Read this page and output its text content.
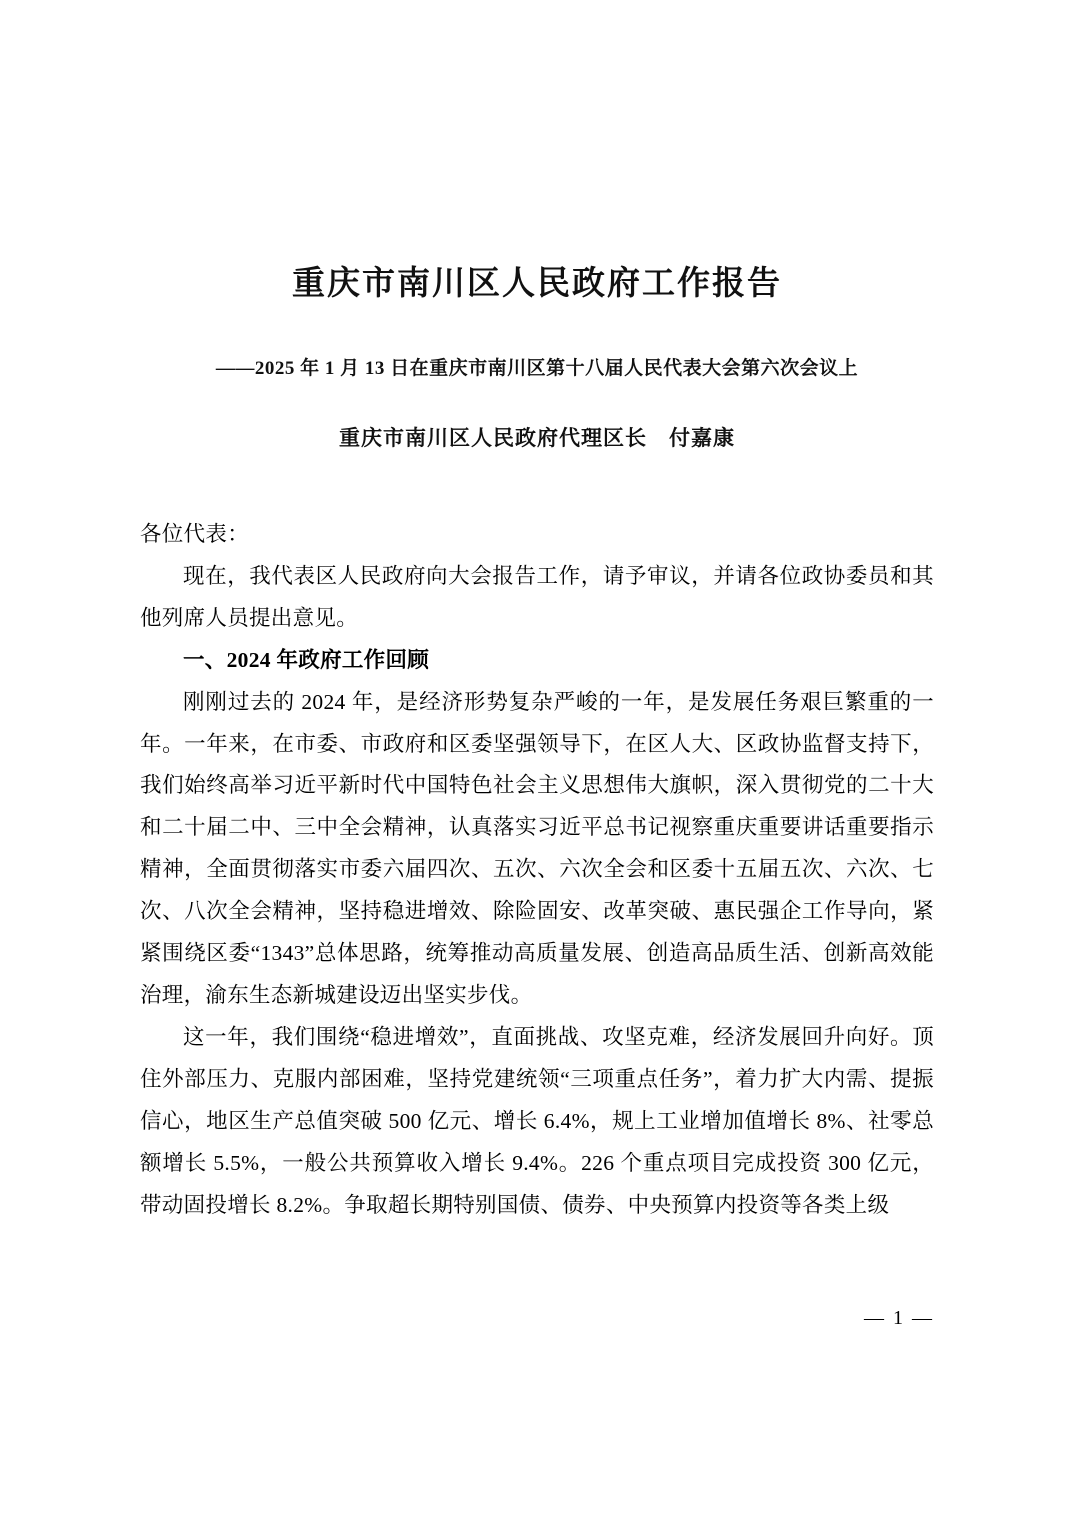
重庆市南川区人民政府工作报告
——2025 年 1 月 13 日在重庆市南川区第十八届人民代表大会第六次会议上
重庆市南川区人民政府代理区长　付嘉康
各位代表：

现在，我代表区人民政府向大会报告工作，请予审议，并请各位政协委员和其他列席人员提出意见。

一、2024 年政府工作回顾

刚刚过去的 2024 年，是经济形势复杂严峻的一年，是发展任务艰巨繁重的一年。一年来，在市委、市政府和区委坚强领导下，在区人大、区政协监督支持下，我们始终高举习近平新时代中国特色社会主义思想伟大旗帜，深入贯彻党的二十大和二十届二中、三中全会精神，认真落实习近平总书记视察重庆重要讲话重要指示精神，全面贯彻落实市委六届四次、五次、六次全会和区委十五届五次、六次、七次、八次全会精神，坚持稳进增效、除险固安、改革突破、惠民强企工作导向，紧紧围绕区委“1343”总体思路，统筹推动高质量发展、创造高品质生活、创新高效能治理，渝东生态新城建设迈出坚实步伐。

这一年，我们围绕“稳进增效”，直面挑战、攻坚克难，经济发展回升向好。顶住外部压力、克服内部困难，坚持党建统领“三项重点任务”，着力扩大内需、提振信心，地区生产总值突破 500 亿元、增长 6.4%，规上工业增加值增长 8%、社零总额增长 5.5%，一般公共预算收入增长 9.4%。226 个重点项目完成投资 300 亿元，带动固投增长 8.2%。争取超长期特别国债、债券、中央预算内投资等各类上级

— 1 —
